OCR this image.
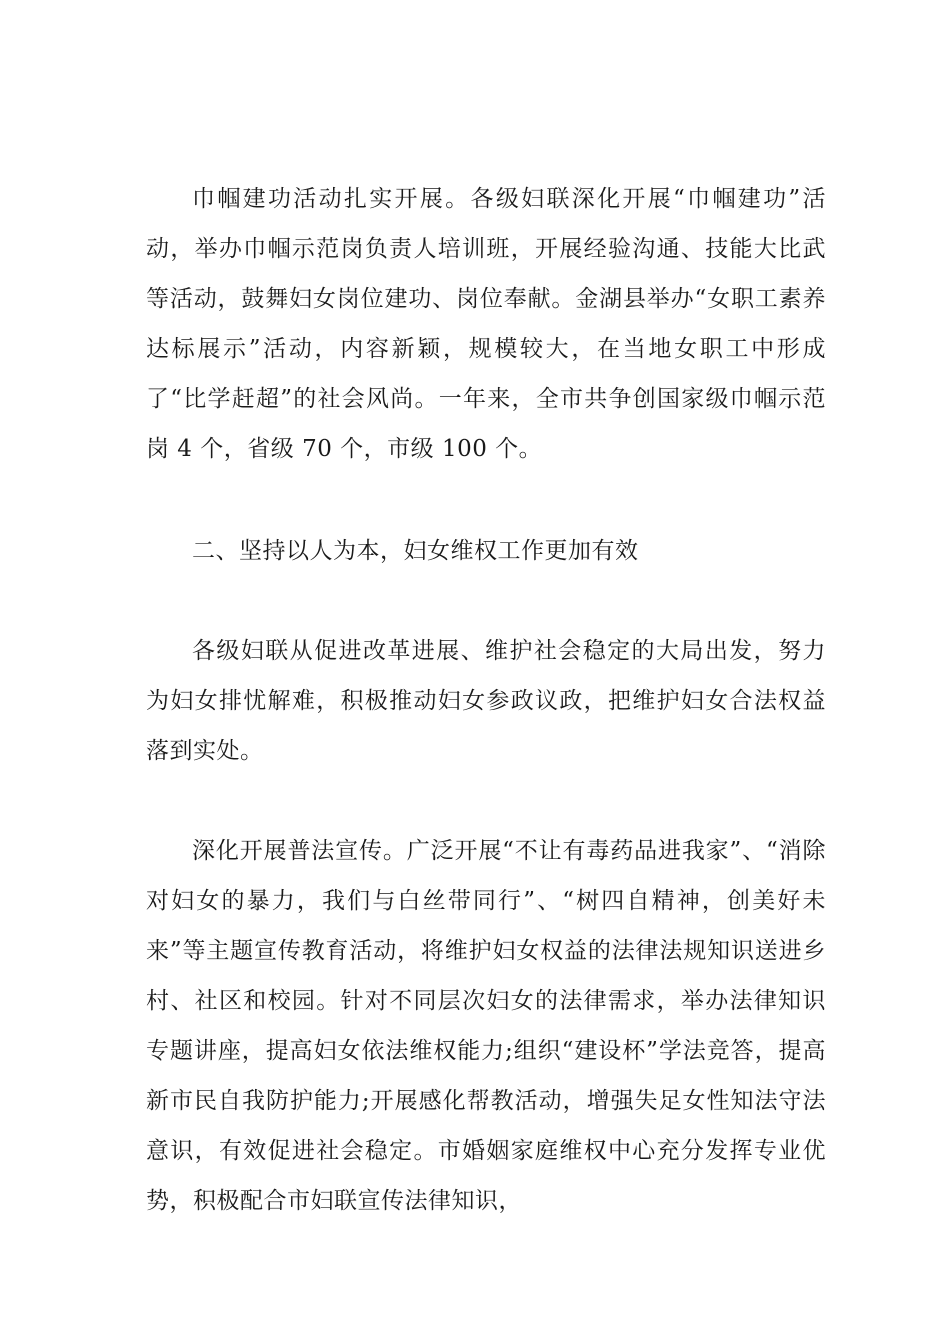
巾帼建功活动扎实开展。各级妇联深化开展“巾帼建功”活动，举办巾帼示范岗负责人培训班，开展经验沟通、技能大比武等活动，鼓舞妇女岗位建功、岗位奉献。金湖县举办“女职工素养达标展示”活动，内容新颖，规模较大，在当地女职工中形成了“比学赶超”的社会风尚。一年来，全市共争创国家级巾帼示范岗 4 个，省级 70 个，市级 100 个。

二、坚持以人为本，妇女维权工作更加有效

各级妇联从促进改革进展、维护社会稳定的大局出发，努力为妇女排忧解难，积极推动妇女参政议政，把维护妇女合法权益落到实处。

深化开展普法宣传。广泛开展“不让有毒药品进我家”、“消除对妇女的暴力，我们与白丝带同行”、“树四自精神，创美好未来”等主题宣传教育活动，将维护妇女权益的法律法规知识送进乡村、社区和校园。针对不同层次妇女的法律需求，举办法律知识专题讲座，提高妇女依法维权能力;组织“建设杯”学法竞答，提高新市民自我防护能力;开展感化帮教活动，增强失足女性知法守法意识，有效促进社会稳定。市婚姻家庭维权中心充分发挥专业优势，积极配合市妇联宣传法律知识，
